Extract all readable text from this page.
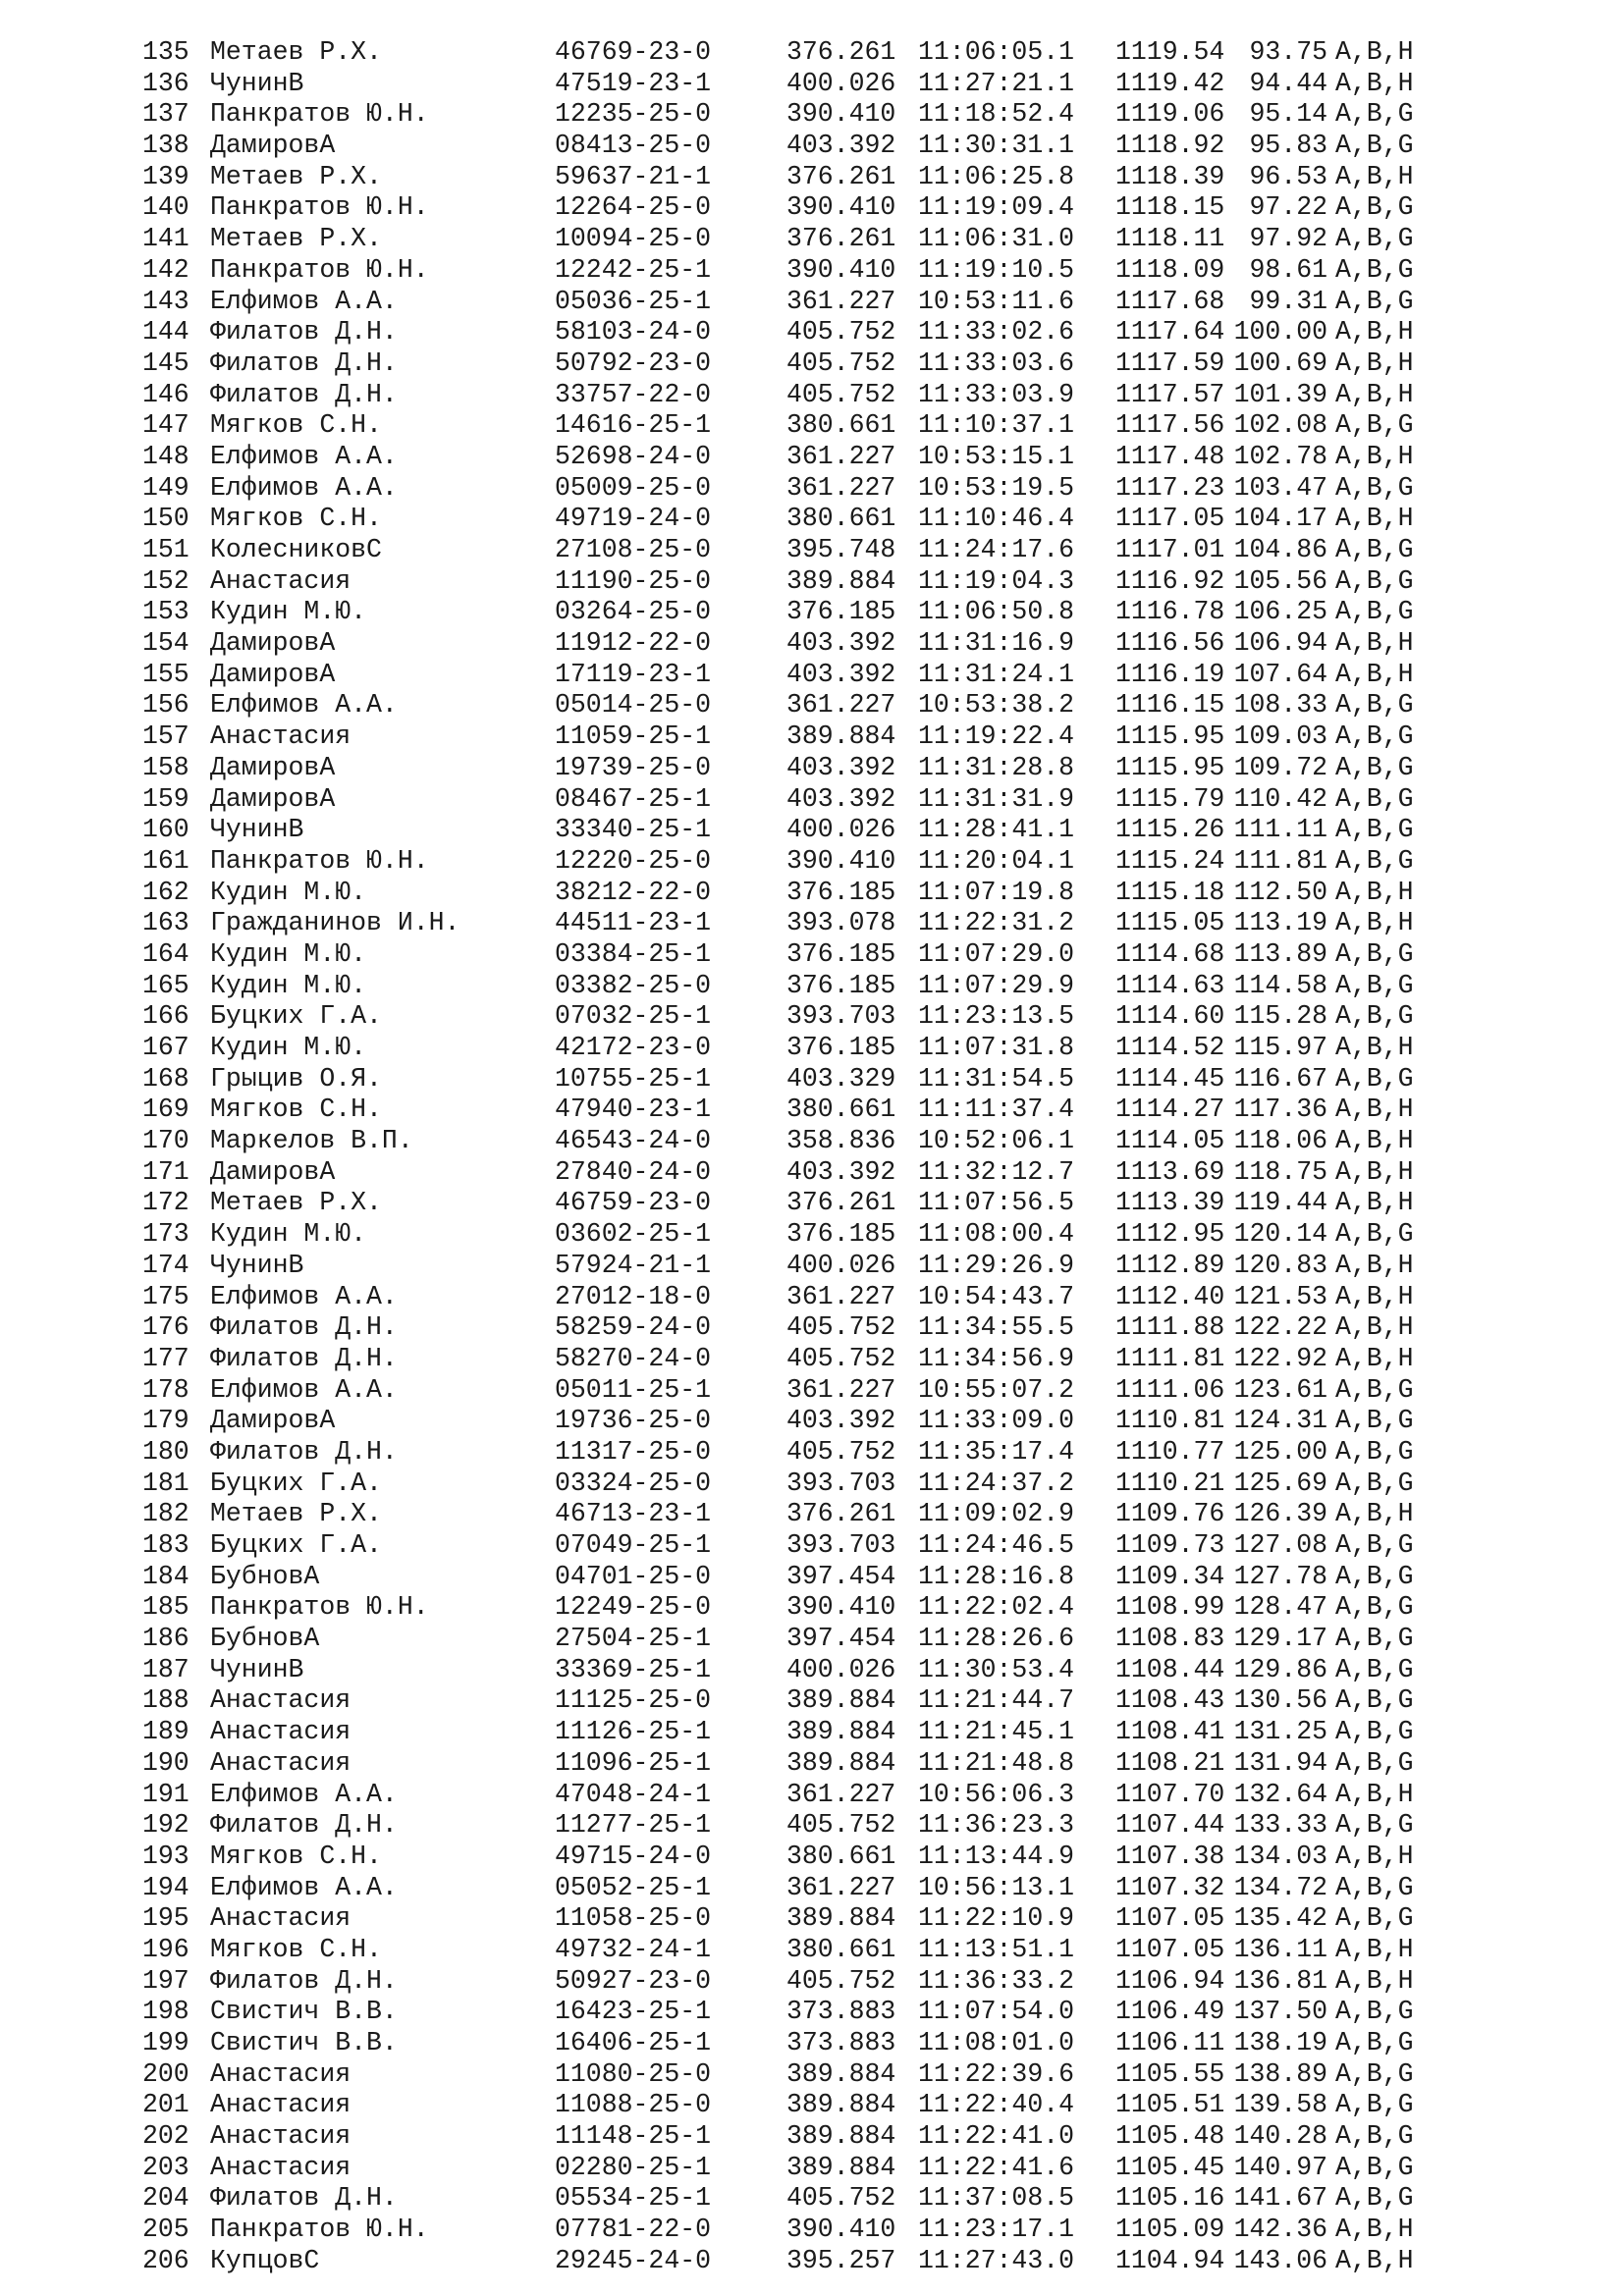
135 Метаев Р.Х.	46769-23-0	376.261 11:06:05.1	1119.54 93.75 A,B,H
136 ЧунинВ	47519-23-1	400.026 11:27:21.1	1119.42 94.44 A,B,H
137 Панкратов Ю.Н.	12235-25-0	390.410 11:18:52.4	1119.06 95.14 A,B,G
138 ДамировА	08413-25-0	403.392 11:30:31.1	1118.92 95.83 A,B,G
139 Метаев Р.Х.	59637-21-1	376.261 11:06:25.8	1118.39 96.53 A,B,H
140 Панкратов Ю.Н.	12264-25-0	390.410 11:19:09.4	1118.15 97.22 A,B,G
141 Метаев Р.Х.	10094-25-0	376.261 11:06:31.0	1118.11 97.92 A,B,G
142 Панкратов Ю.Н.	12242-25-1	390.410 11:19:10.5	1118.09 98.61 A,B,G
143 Елфимов А.А.	05036-25-1	361.227 10:53:11.6	1117.68 99.31 A,B,G
144 Филатов Д.Н.	58103-24-0	405.752 11:33:02.6	1117.64 100.00 A,B,H
145 Филатов Д.Н.	50792-23-0	405.752 11:33:03.6	1117.59 100.69 A,B,H
146 Филатов Д.Н.	33757-22-0	405.752 11:33:03.9	1117.57 101.39 A,B,H
147 Мягков С.Н.	14616-25-1	380.661 11:10:37.1	1117.56 102.08 A,B,G
148 Елфимов А.А.	52698-24-0	361.227 10:53:15.1	1117.48 102.78 A,B,H
149 Елфимов А.А.	05009-25-0	361.227 10:53:19.5	1117.23 103.47 A,B,G
150 Мягков С.Н.	49719-24-0	380.661 11:10:46.4	1117.05 104.17 A,B,H
151 КолесниковС	27108-25-0	395.748 11:24:17.6	1117.01 104.86 A,B,G
152 Анастасия	11190-25-0	389.884 11:19:04.3	1116.92 105.56 A,B,G
153 Кудин М.Ю.	03264-25-0	376.185 11:06:50.8	1116.78 106.25 A,B,G
154 ДамировА	11912-22-0	403.392 11:31:16.9	1116.56 106.94 A,B,H
155 ДамировА	17119-23-1	403.392 11:31:24.1	1116.19 107.64 A,B,H
156 Елфимов А.А.	05014-25-0	361.227 10:53:38.2	1116.15 108.33 A,B,G
157 Анастасия	11059-25-1	389.884 11:19:22.4	1115.95 109.03 A,B,G
158 ДамировА	19739-25-0	403.392 11:31:28.8	1115.95 109.72 A,B,G
159 ДамировА	08467-25-1	403.392 11:31:31.9	1115.79 110.42 A,B,G
160 ЧунинВ	33340-25-1	400.026 11:28:41.1	1115.26 111.11 A,B,G
161 Панкратов Ю.Н.	12220-25-0	390.410 11:20:04.1	1115.24 111.81 A,B,G
162 Кудин М.Ю.	38212-22-0	376.185 11:07:19.8	1115.18 112.50 A,B,H
163 Гражданинов И.Н.	44511-23-1	393.078 11:22:31.2	1115.05 113.19 A,B,H
164 Кудин М.Ю.	03384-25-1	376.185 11:07:29.0	1114.68 113.89 A,B,G
165 Кудин М.Ю.	03382-25-0	376.185 11:07:29.9	1114.63 114.58 A,B,G
166 Буцких Г.А.	07032-25-1	393.703 11:23:13.5	1114.60 115.28 A,B,G
167 Кудин М.Ю.	42172-23-0	376.185 11:07:31.8	1114.52 115.97 A,B,H
168 Грыцив О.Я.	10755-25-1	403.329 11:31:54.5	1114.45 116.67 A,B,G
169 Мягков С.Н.	47940-23-1	380.661 11:11:37.4	1114.27 117.36 A,B,H
170 Маркелов В.П.	46543-24-0	358.836 10:52:06.1	1114.05 118.06 A,B,H
171 ДамировА	27840-24-0	403.392 11:32:12.7	1113.69 118.75 A,B,H
172 Метаев Р.Х.	46759-23-0	376.261 11:07:56.5	1113.39 119.44 A,B,H
173 Кудин М.Ю.	03602-25-1	376.185 11:08:00.4	1112.95 120.14 A,B,G
174 ЧунинВ	57924-21-1	400.026 11:29:26.9	1112.89 120.83 A,B,H
175 Елфимов А.А.	27012-18-0	361.227 10:54:43.7	1112.40 121.53 A,B,H
176 Филатов Д.Н.	58259-24-0	405.752 11:34:55.5	1111.88 122.22 A,B,H
177 Филатов Д.Н.	58270-24-0	405.752 11:34:56.9	1111.81 122.92 A,B,H
178 Елфимов А.А.	05011-25-1	361.227 10:55:07.2	1111.06 123.61 A,B,G
179 ДамировА	19736-25-0	403.392 11:33:09.0	1110.81 124.31 A,B,G
180 Филатов Д.Н.	11317-25-0	405.752 11:35:17.4	1110.77 125.00 A,B,G
181 Буцких Г.А.	03324-25-0	393.703 11:24:37.2	1110.21 125.69 A,B,G
182 Метаев Р.Х.	46713-23-1	376.261 11:09:02.9	1109.76 126.39 A,B,H
183 Буцких Г.А.	07049-25-1	393.703 11:24:46.5	1109.73 127.08 A,B,G
184 БубновА	04701-25-0	397.454 11:28:16.8	1109.34 127.78 A,B,G
185 Панкратов Ю.Н.	12249-25-0	390.410 11:22:02.4	1108.99 128.47 A,B,G
186 БубновА	27504-25-1	397.454 11:28:26.6	1108.83 129.17 A,B,G
187 ЧунинВ	33369-25-1	400.026 11:30:53.4	1108.44 129.86 A,B,G
188 Анастасия	11125-25-0	389.884 11:21:44.7	1108.43 130.56 A,B,G
189 Анастасия	11126-25-1	389.884 11:21:45.1	1108.41 131.25 A,B,G
190 Анастасия	11096-25-1	389.884 11:21:48.8	1108.21 131.94 A,B,G
191 Елфимов А.А.	47048-24-1	361.227 10:56:06.3	1107.70 132.64 A,B,H
192 Филатов Д.Н.	11277-25-1	405.752 11:36:23.3	1107.44 133.33 A,B,G
193 Мягков С.Н.	49715-24-0	380.661 11:13:44.9	1107.38 134.03 A,B,H
194 Елфимов А.А.	05052-25-1	361.227 10:56:13.1	1107.32 134.72 A,B,G
195 Анастасия	11058-25-0	389.884 11:22:10.9	1107.05 135.42 A,B,G
196 Мягков С.Н.	49732-24-1	380.661 11:13:51.1	1107.05 136.11 A,B,H
197 Филатов Д.Н.	50927-23-0	405.752 11:36:33.2	1106.94 136.81 A,B,H
198 Свистич В.В.	16423-25-1	373.883 11:07:54.0	1106.49 137.50 A,B,G
199 Свистич В.В.	16406-25-1	373.883 11:08:01.0	1106.11 138.19 A,B,G
200 Анастасия	11080-25-0	389.884 11:22:39.6	1105.55 138.89 A,B,G
201 Анастасия	11088-25-0	389.884 11:22:40.4	1105.51 139.58 A,B,G
202 Анастасия	11148-25-1	389.884 11:22:41.0	1105.48 140.28 A,B,G
203 Анастасия	02280-25-1	389.884 11:22:41.6	1105.45 140.97 A,B,G
204 Филатов Д.Н.	05534-25-1	405.752 11:37:08.5	1105.16 141.67 A,B,G
205 Панкратов Ю.Н.	07781-22-0	390.410 11:23:17.1	1105.09 142.36 A,B,H
206 КупцовС	29245-24-0	395.257 11:27:43.0	1104.94 143.06 A,B,H
